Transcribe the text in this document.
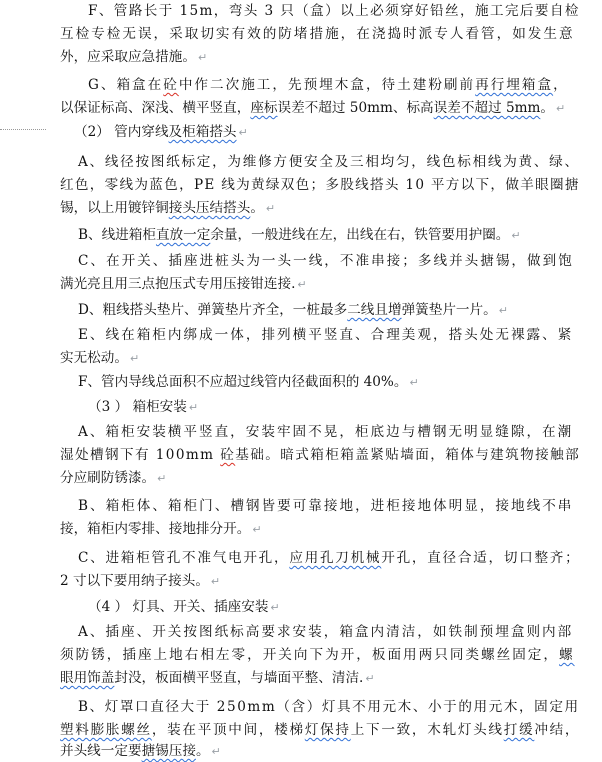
F、管路长于 15m，弯头 3 只（盒）以上必须穿好铅丝，施工完后要自检
互检专检无误，采取切实有效的防堵措施，在浇捣时派专人看管，如发生意
外，应采取应急措施。 ↵
G、箱盒在砼中作二次施工，先预埋木盒，待土建粉刷前再行埋箱盒，
以保证标高、深浅、横平竖直，座标误差不超过 50mm、标高误差不超过 5mm。 ↵
（2） 管内穿线及柜箱搭头 ↵
A、线径按图纸标定，为维修方便安全及三相均匀，线色标相线为黄、绿、
红色，零线为蓝色，PE 线为黄绿双色；多股线搭头 10 平方以下，做羊眼圈搪
锡，以上用镀锌铜接头压结搭头。 ↵
B、线进箱柜直放一定余量，一般进线在左，出线在右，铁管要用护圈。 ↵
C、在开关、插座进桩头为一头一线，不准串接；多线并头搪锡，做到饱
满光亮且用三点抱压式专用压接钳连接. ↵
D、粗线搭头垫片、弹簧垫片齐全，一桩最多二线且增弹簧垫片一片。 ↵
E、线在箱柜内绑成一体，排列横平竖直、合理美观，搭头处无裸露、紧
实无松动。 ↵
F、管内导线总面积不应超过线管内径截面积的 40%。 ↵
（3 ） 箱柜安装 ↵
A、箱柜安装横平竖直，安装牢固不晃，柜底边与槽钢无明显缝隙，在潮
湿处槽钢下有 100mm 砼基础。暗式箱柜箱盖紧贴墙面，箱体与建筑物接触部
分应刷防锈漆。 ↵
B、箱柜体、箱柜门、槽钢皆要可靠接地，进柜接地体明显，接地线不串
接，箱柜内零排、接地排分开。 ↵
C、进箱柜管孔不准气电开孔，应用孔刀机械开孔，直径合适，切口整齐；
2 寸以下要用纳子接头。 ↵
（4 ） 灯具、开关、插座安装 ↵
A、插座、开关按图纸标高要求安装，箱盒内清洁，如铁制预埋盒则内部
须防锈，插座上地右相左零，开关向下为开，板面用两只同类螺丝固定，螺
眼用饰盖封没，板面横平竖直，与墙面平整、清洁. ↵
B、灯罩口直径大于 250mm（含）灯具不用元木、小于的用元木，固定用
塑料膨胀螺丝，装在平顶中间，楼梯灯保持上下一致，木轧灯头线打缓冲结，
并头线一定要搪锡压接。 ↵
